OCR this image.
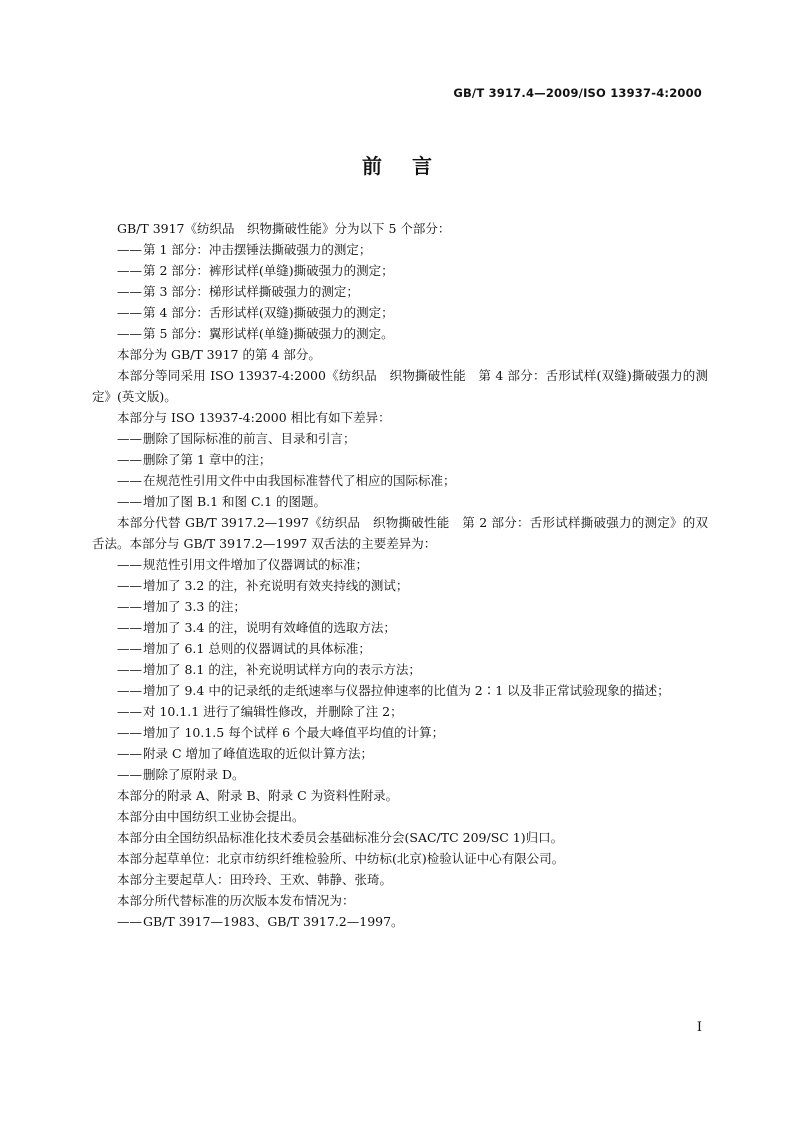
GB/T 3917.4—2009/ISO 13937-4:2000
前言

GB/T 3917《纺织品　织物撕破性能》分为以下 5 个部分：

——第 1 部分：冲击摆锤法撕破强力的测定；

——第 2 部分：裤形试样(单缝)撕破强力的测定；

——第 3 部分：梯形试样撕破强力的测定；

——第 4 部分：舌形试样(双缝)撕破强力的测定；

——第 5 部分：翼形试样(单缝)撕破强力的测定。

本部分为 GB/T 3917 的第 4 部分。

本部分等同采用 ISO 13937-4:2000《纺织品　织物撕破性能　第 4 部分：舌形试样(双缝)撕破强力的测定》(英文版)。

本部分与 ISO 13937-4:2000 相比有如下差异：

——删除了国际标准的前言、目录和引言；

——删除了第 1 章中的注；

——在规范性引用文件中由我国标准替代了相应的国际标准；

——增加了图 B.1 和图 C.1 的图题。

本部分代替 GB/T 3917.2—1997《纺织品　织物撕破性能　第 2 部分：舌形试样撕破强力的测定》的双舌法。本部分与 GB/T 3917.2—1997 双舌法的主要差异为：

——规范性引用文件增加了仪器调试的标准；

——增加了 3.2 的注，补充说明有效夹持线的测试；

——增加了 3.3 的注；

——增加了 3.4 的注，说明有效峰值的选取方法；

——增加了 6.1 总则的仪器调试的具体标准；

——增加了 8.1 的注，补充说明试样方向的表示方法；

——增加了 9.4 中的记录纸的走纸速率与仪器拉伸速率的比值为 2∶1 以及非正常试验现象的描述；

——对 10.1.1 进行了编辑性修改，并删除了注 2；

——增加了 10.1.5 每个试样 6 个最大峰值平均值的计算；

——附录 C 增加了峰值选取的近似计算方法；

——删除了原附录 D。

本部分的附录 A、附录 B、附录 C 为资料性附录。

本部分由中国纺织工业协会提出。

本部分由全国纺织品标准化技术委员会基础标准分会(SAC/TC 209/SC 1)归口。

本部分起草单位：北京市纺织纤维检验所、中纺标(北京)检验认证中心有限公司。

本部分主要起草人：田玲玲、王欢、韩静、张琦。

本部分所代替标准的历次版本发布情况为：

——GB/T 3917—1983、GB/T 3917.2—1997。

I
